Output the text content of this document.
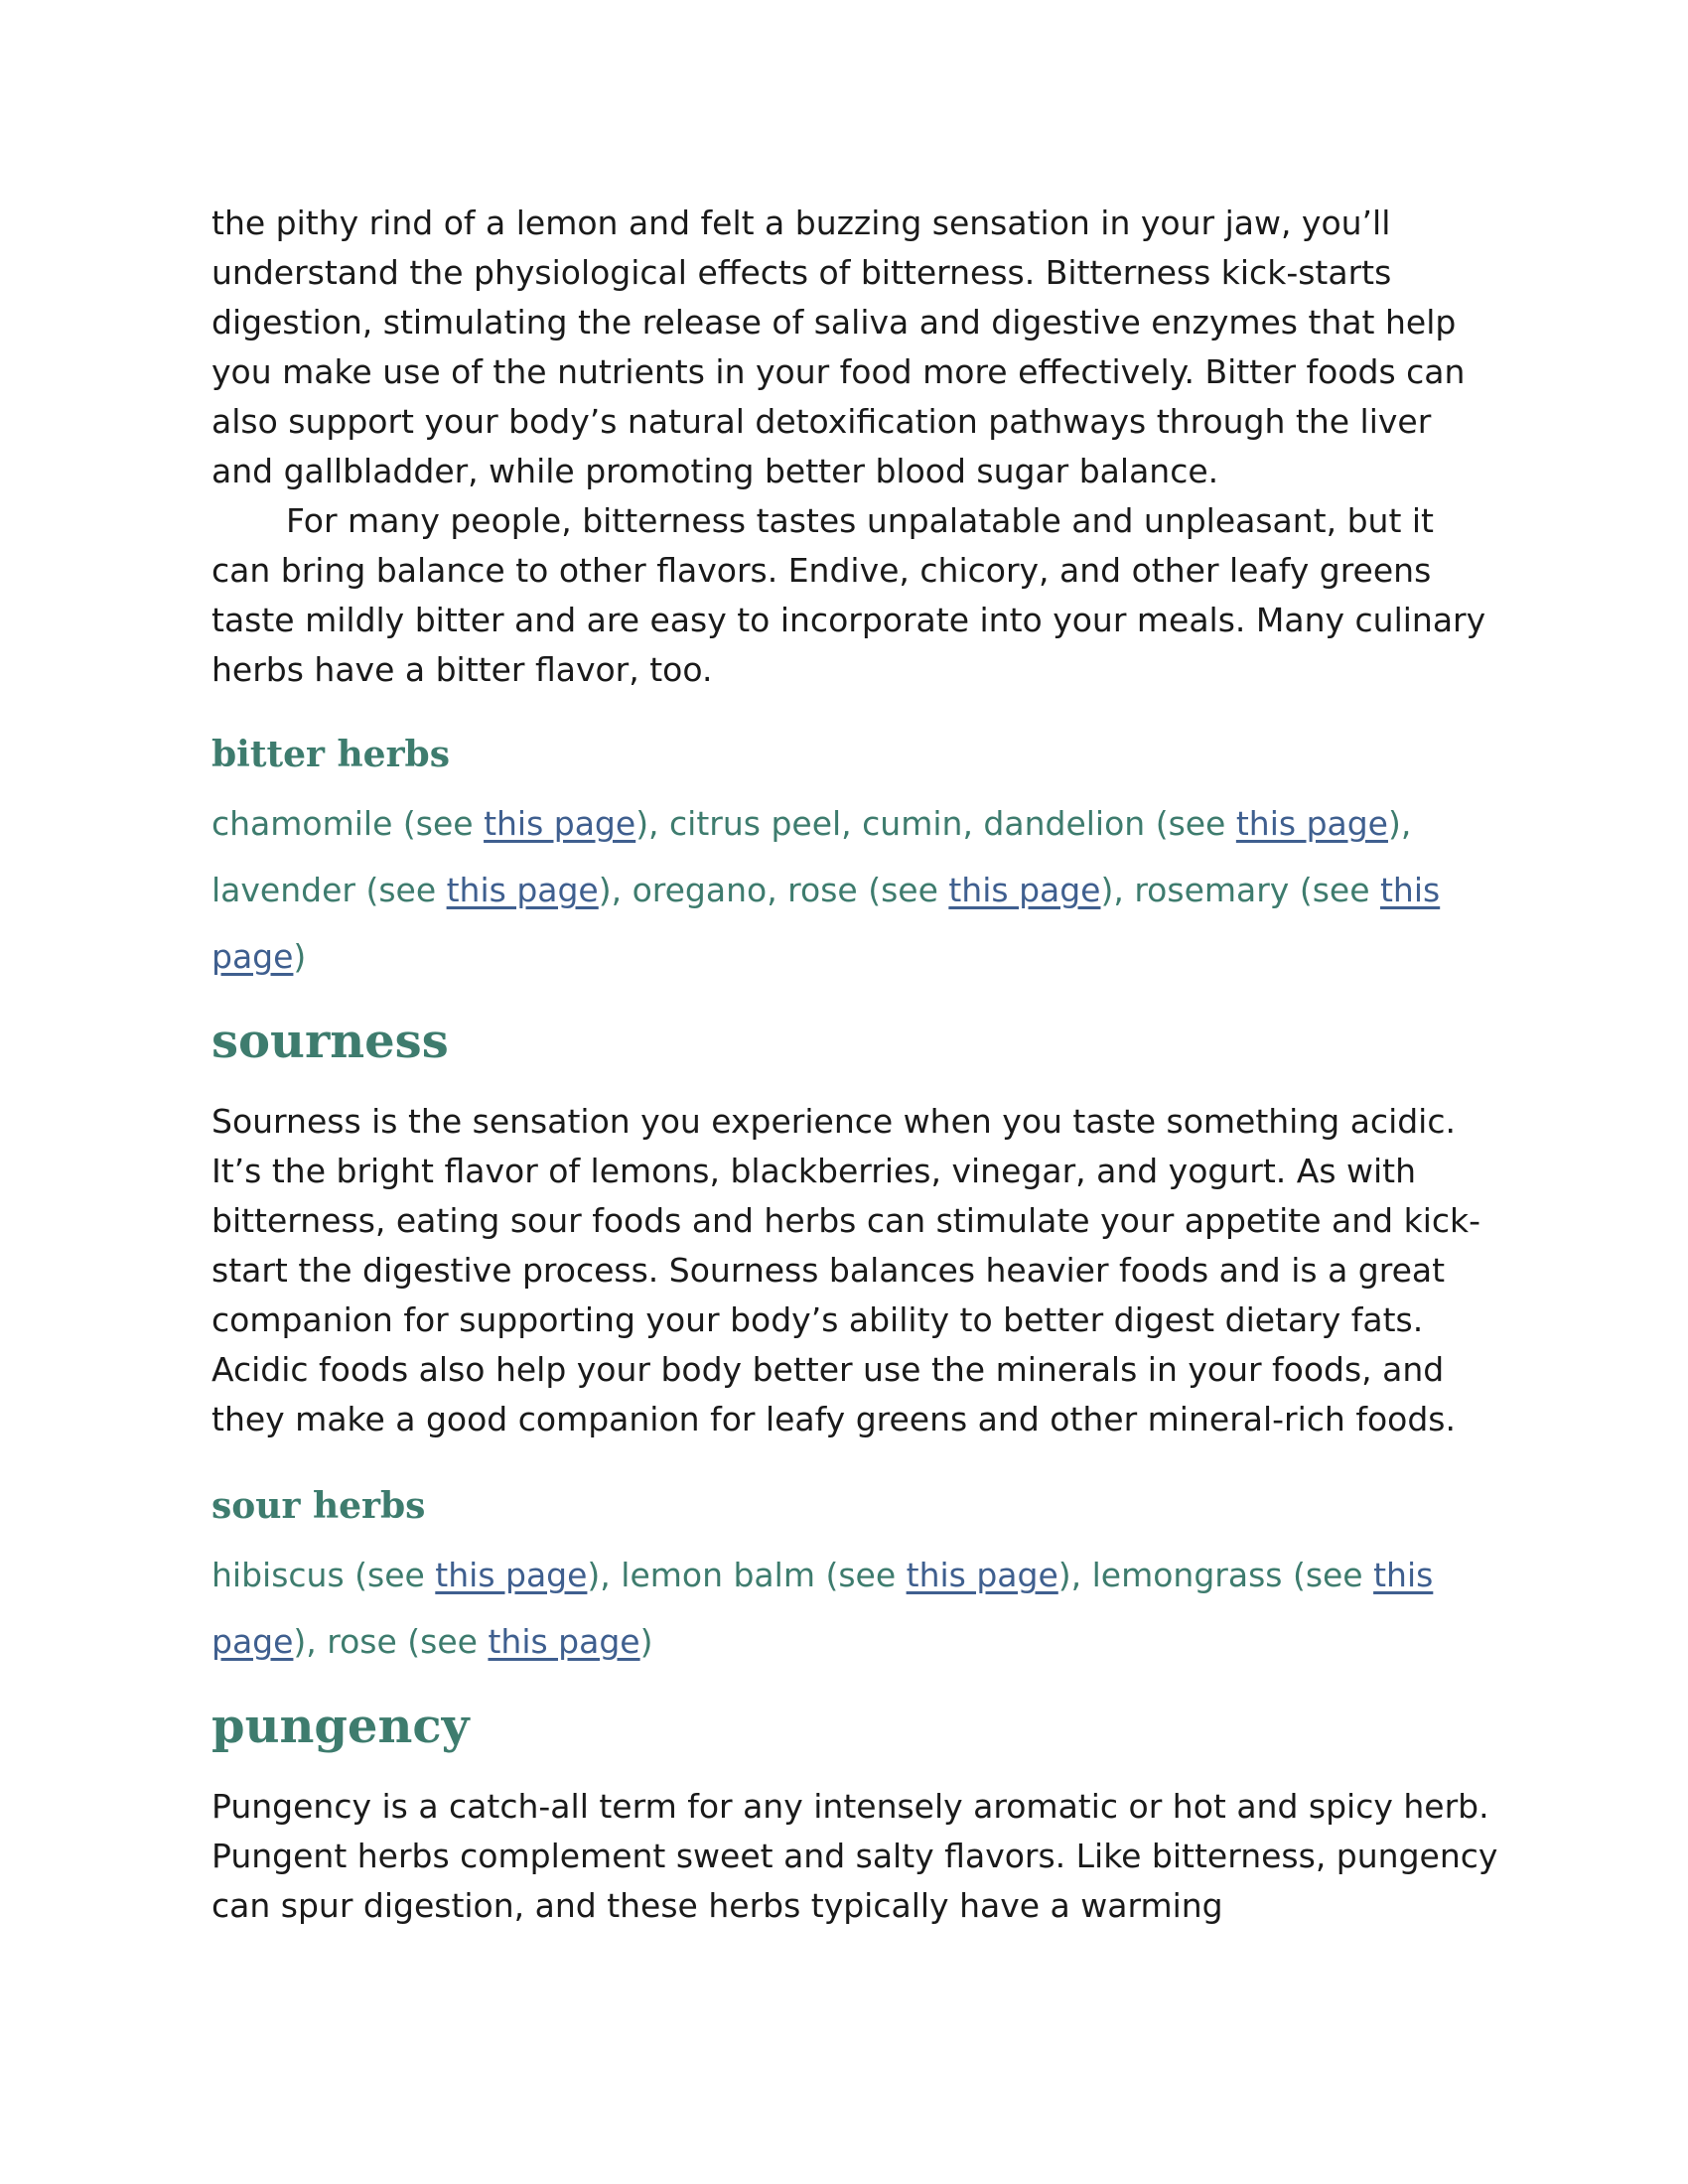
the pithy rind of a lemon and felt a buzzing sensation in your jaw, you’ll understand the physiological effects of bitterness. Bitterness kick-starts digestion, stimulating the release of saliva and digestive enzymes that help you make use of the nutrients in your food more effectively. Bitter foods can also support your body’s natural detoxification pathways through the liver and gallbladder, while promoting better blood sugar balance.

For many people, bitterness tastes unpalatable and unpleasant, but it can bring balance to other flavors. Endive, chicory, and other leafy greens taste mildly bitter and are easy to incorporate into your meals. Many culinary herbs have a bitter flavor, too.

bitter herbs

chamomile (see this page), citrus peel, cumin, dandelion (see this page), lavender (see this page), oregano, rose (see this page), rosemary (see this page)

sourness

Sourness is the sensation you experience when you taste something acidic. It’s the bright flavor of lemons, blackberries, vinegar, and yogurt. As with bitterness, eating sour foods and herbs can stimulate your appetite and kick-start the digestive process. Sourness balances heavier foods and is a great companion for supporting your body’s ability to better digest dietary fats. Acidic foods also help your body better use the minerals in your foods, and they make a good companion for leafy greens and other mineral-rich foods.

sour herbs

hibiscus (see this page), lemon balm (see this page), lemongrass (see this page), rose (see this page)

pungency

Pungency is a catch-all term for any intensely aromatic or hot and spicy herb. Pungent herbs complement sweet and salty flavors. Like bitterness, pungency can spur digestion, and these herbs typically have a warming
